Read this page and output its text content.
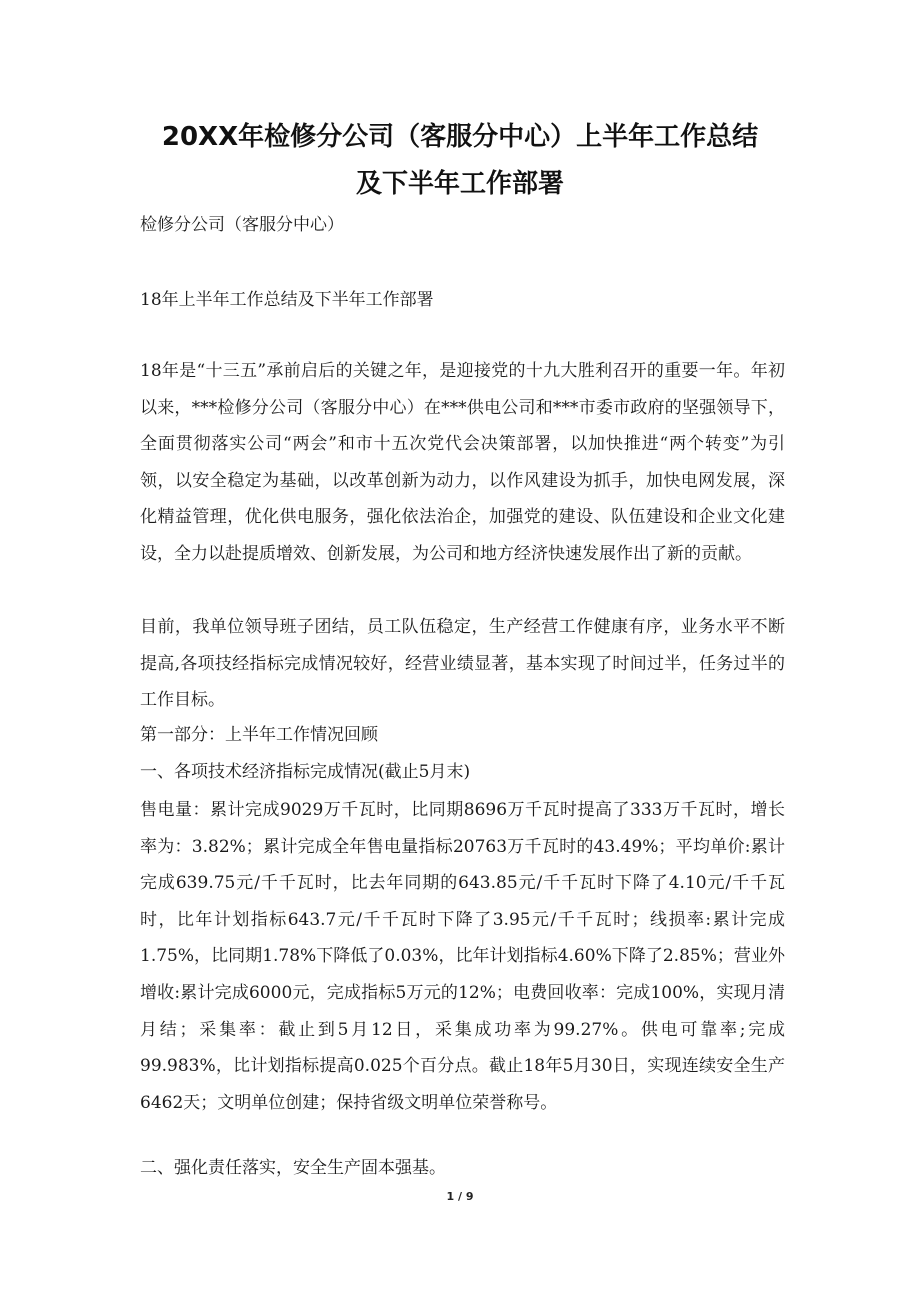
20XX年检修分公司（客服分中心）上半年工作总结
及下半年工作部署

检修分公司（客服分中心）

18年上半年工作总结及下半年工作部署

18年是“十三五”承前启后的关键之年，是迎接党的十九大胜利召开的重要一年。年初以来，***检修分公司（客服分中心）在***供电公司和***市委市政府的坚强领导下，全面贯彻落实公司“两会”和市十五次党代会决策部署，以加快推进“两个转变”为引领，以安全稳定为基础，以改革创新为动力，以作风建设为抓手，加快电网发展，深化精益管理，优化供电服务，强化依法治企，加强党的建设、队伍建设和企业文化建设，全力以赴提质增效、创新发展，为公司和地方经济快速发展作出了新的贡献。

目前，我单位领导班子团结，员工队伍稳定，生产经营工作健康有序，业务水平不断提高,各项技经指标完成情况较好，经营业绩显著，基本实现了时间过半，任务过半的工作目标。

第一部分：上半年工作情况回顾

一、各项技术经济指标完成情况(截止5月末)

售电量：累计完成9029万千瓦时，比同期8696万千瓦时提高了333万千瓦时，增长率为：3.82%；累计完成全年售电量指标20763万千瓦时的43.49%；平均单价:累计完成639.75元/千千瓦时，比去年同期的643.85元/千千瓦时下降了4.10元/千千瓦时，比年计划指标643.7元/千千瓦时下降了3.95元/千千瓦时；线损率:累计完成1.75%，比同期1.78%下降低了0.03%，比年计划指标4.60%下降了2.85%；营业外增收:累计完成6000元，完成指标5万元的12%；电费回收率：完成100%，实现月清月结；采集率：截止到5月12日，采集成功率为99.27%。供电可靠率;完成99.983%，比计划指标提高0.025个百分点。截止18年5月30日，实现连续安全生产6462天；文明单位创建；保持省级文明单位荣誉称号。

二、强化责任落实，安全生产固本强基。

1 / 9
